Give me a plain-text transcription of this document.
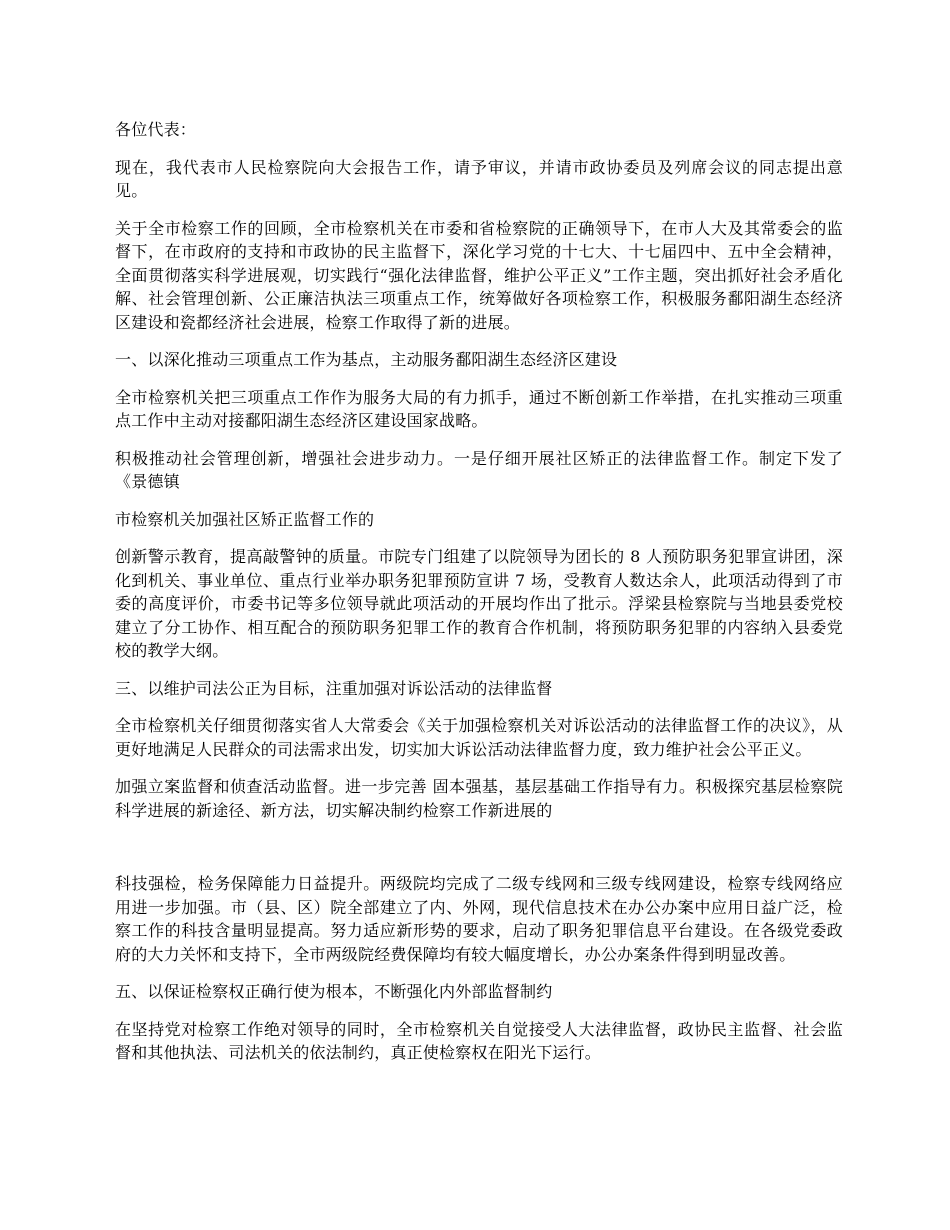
各位代表：

现在，我代表市人民检察院向大会报告工作，请予审议，并请市政协委员及列席会议的同志提出意见。

关于全市检察工作的回顾，全市检察机关在市委和省检察院的正确领导下，在市人大及其常委会的监督下，在市政府的支持和市政协的民主监督下，深化学习党的十七大、十七届四中、五中全会精神，全面贯彻落实科学进展观，切实践行“强化法律监督，维护公平正义”工作主题，突出抓好社会矛盾化解、社会管理创新、公正廉洁执法三项重点工作，统筹做好各项检察工作，积极服务鄱阳湖生态经济区建设和瓷都经济社会进展，检察工作取得了新的进展。

一、以深化推动三项重点工作为基点，主动服务鄱阳湖生态经济区建设

全市检察机关把三项重点工作作为服务大局的有力抓手，通过不断创新工作举措，在扎实推动三项重点工作中主动对接鄱阳湖生态经济区建设国家战略。

积极推动社会管理创新，增强社会进步动力。一是仔细开展社区矫正的法律监督工作。制定下发了《景德镇

市检察机关加强社区矫正监督工作的

创新警示教育，提高敲警钟的质量。市院专门组建了以院领导为团长的 8 人预防职务犯罪宣讲团，深化到机关、事业单位、重点行业举办职务犯罪预防宣讲 7 场，受教育人数达余人，此项活动得到了市委的高度评价，市委书记等多位领导就此项活动的开展均作出了批示。浮梁县检察院与当地县委党校建立了分工协作、相互配合的预防职务犯罪工作的教育合作机制，将预防职务犯罪的内容纳入县委党校的教学大纲。

三、以维护司法公正为目标，注重加强对诉讼活动的法律监督

全市检察机关仔细贯彻落实省人大常委会《关于加强检察机关对诉讼活动的法律监督工作的决议》，从更好地满足人民群众的司法需求出发，切实加大诉讼活动法律监督力度，致力维护社会公平正义。

加强立案监督和侦查活动监督。进一步完善 固本强基，基层基础工作指导有力。积极探究基层检察院科学进展的新途径、新方法，切实解决制约检察工作新进展的

科技强检，检务保障能力日益提升。两级院均完成了二级专线网和三级专线网建设，检察专线网络应用进一步加强。市（县、区）院全部建立了内、外网，现代信息技术在办公办案中应用日益广泛，检察工作的科技含量明显提高。努力适应新形势的要求，启动了职务犯罪信息平台建设。在各级党委政府的大力关怀和支持下，全市两级院经费保障均有较大幅度增长，办公办案条件得到明显改善。

五、以保证检察权正确行使为根本，不断强化内外部监督制约

在坚持党对检察工作绝对领导的同时，全市检察机关自觉接受人大法律监督，政协民主监督、社会监督和其他执法、司法机关的依法制约，真正使检察权在阳光下运行。
